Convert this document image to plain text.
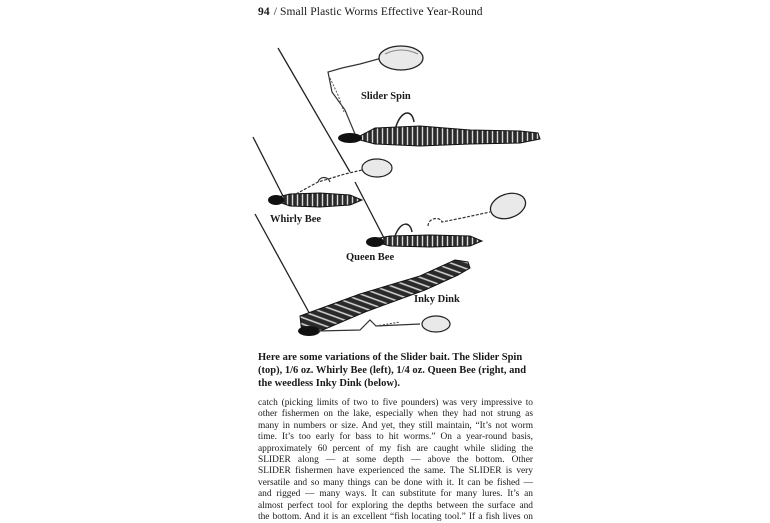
94 / Small Plastic Worms Effective Year-Round
Slider Spin
Whirly Bee
Queen Bee
Inky Dink
Here are some variations of the Slider bait. The Slider Spin (top), 1/6 oz. Whirly Bee (left), 1/4 oz. Queen Bee (right, and the weedless Inky Dink (below).
catch (picking limits of two to five pounders) was very impressive to
other fishermen on the lake, especially when they had not strung as
many in numbers or size. And yet, they still maintain, “It’s not worm
time. It’s too early for bass to hit worms.” On a year-round basis,
approximately 60 percent of my fish are caught while sliding the
SLIDER along — at some depth — above the bottom. Other
SLIDER fishermen have experienced the same. The SLIDER is very
versatile and so many things can be done with it. It can be fished —
and rigged — many ways. It can substitute for many lures. It’s an
almost perfect tool for exploring the depths between the surface and
the bottom. And it is an excellent “fish locating tool.” If a fish lives on
